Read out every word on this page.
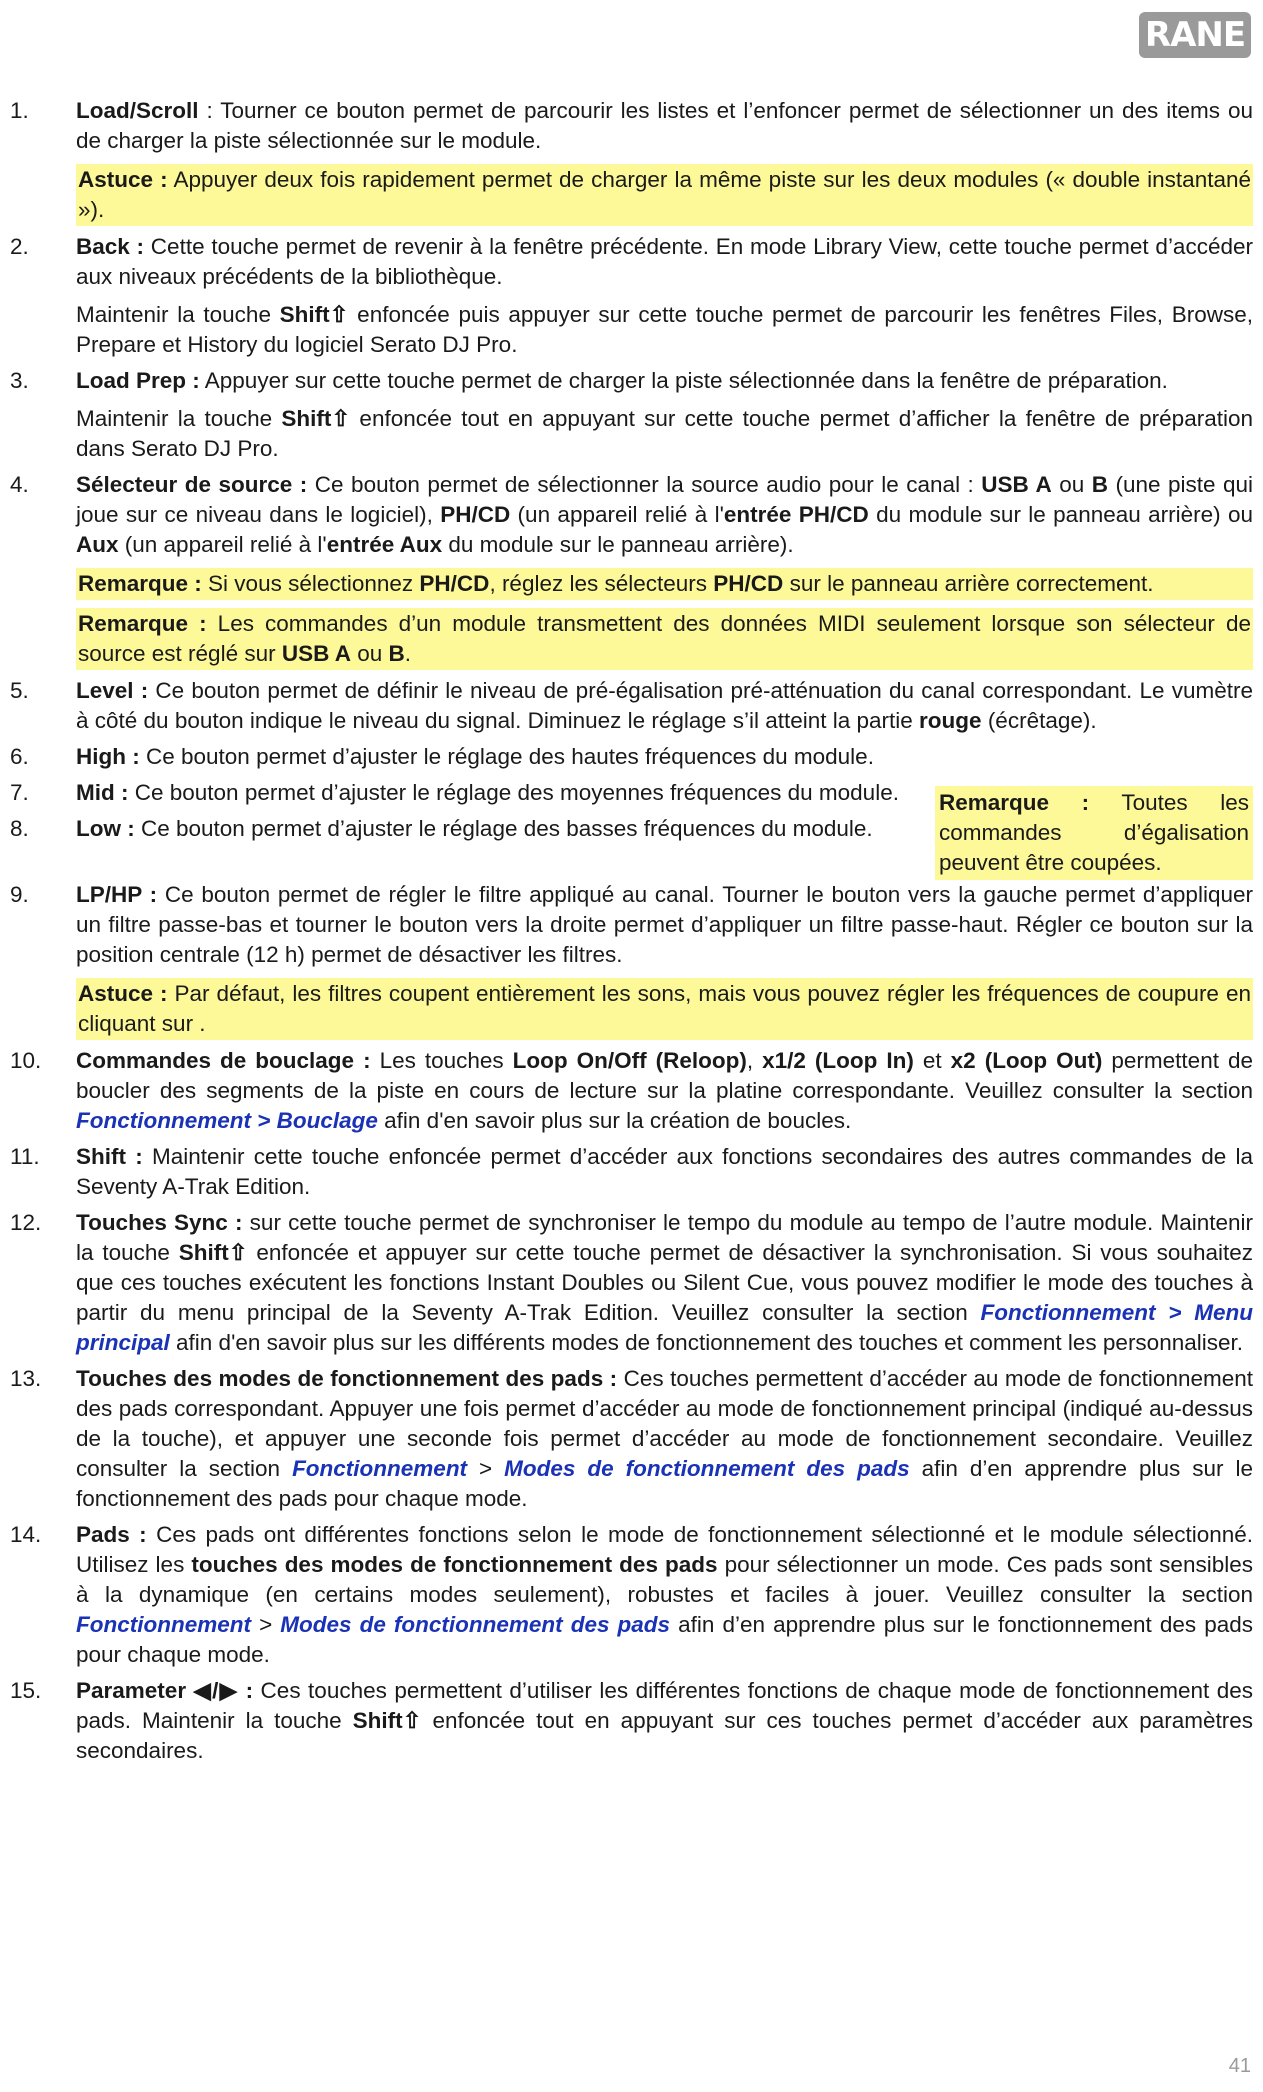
RANE
1.	Load/Scroll : Tourner ce bouton permet de parcourir les listes et l’enfoncer permet de sélectionner un des items ou de charger la piste sélectionnée sur le module.

Astuce : Appuyer deux fois rapidement permet de charger la même piste sur les deux modules (« double instantané »).
2.	Back : Cette touche permet de revenir à la fenêtre précédente. En mode Library View, cette touche permet d’accéder aux niveaux précédents de la bibliothèque.

Maintenir la touche Shift⇧ enfoncée puis appuyer sur cette touche permet de parcourir les fenêtres Files, Browse, Prepare et History du logiciel Serato DJ Pro.

3.	Load Prep : Appuyer sur cette touche permet de charger la piste sélectionnée dans la fenêtre de préparation.

Maintenir la touche Shift⇧ enfoncée tout en appuyant sur cette touche permet d’afficher la fenêtre de préparation dans Serato DJ Pro.

4.	Sélecteur de source : Ce bouton permet de sélectionner la source audio pour le canal : USB A ou B (une piste qui joue sur ce niveau dans le logiciel), PH/CD (un appareil relié à l'entrée PH/CD du module sur le panneau arrière) ou Aux (un appareil relié à l'entrée Aux du module sur le panneau arrière).

Remarque : Si vous sélectionnez PH/CD, réglez les sélecteurs PH/CD sur le panneau arrière correctement.
Remarque : Les commandes d’un module transmettent des données MIDI seulement lorsque son sélecteur de source est réglé sur USB A ou B.
5.	Level : Ce bouton permet de définir le niveau de pré-égalisation pré-atténuation du canal correspondant. Le vumètre à côté du bouton indique le niveau du signal. Diminuez le réglage s’il atteint la partie rouge (écrêtage).

6.	High : Ce bouton permet d’ajuster le réglage des hautes fréquences du module.

7.	Mid : Ce bouton permet d’ajuster le réglage des moyennes fréquences du module.

8.	Low : Ce bouton permet d’ajuster le réglage des basses fréquences du module.

Remarque : Toutes les commandes d’égalisation peuvent être coupées.
9.	LP/HP : Ce bouton permet de régler le filtre appliqué au canal. Tourner le bouton vers la gauche permet d’appliquer un filtre passe-bas et tourner le bouton vers la droite permet d’appliquer un filtre passe-haut. Régler ce bouton sur la position centrale (12 h) permet de désactiver les filtres.

Astuce : Par défaut, les filtres coupent entièrement les sons, mais vous pouvez régler les fréquences de coupure en cliquant sur .
10.	Commandes de bouclage : Les touches Loop On/Off (Reloop), x1/2 (Loop In) et x2 (Loop Out) permettent de boucler des segments de la piste en cours de lecture sur la platine correspondante. Veuillez consulter la section Fonctionnement > Bouclage afin d'en savoir plus sur la création de boucles.

11.	Shift : Maintenir cette touche enfoncée permet d’accéder aux fonctions secondaires des autres commandes de la Seventy A-Trak Edition.

12.	Touches Sync : sur cette touche permet de synchroniser le tempo du module au tempo de l’autre module. Maintenir la touche Shift⇧ enfoncée et appuyer sur cette touche permet de désactiver la synchronisation. Si vous souhaitez que ces touches exécutent les fonctions Instant Doubles ou Silent Cue, vous pouvez modifier le mode des touches à partir du menu principal de la Seventy A-Trak Edition. Veuillez consulter la section Fonctionnement > Menu principal afin d'en savoir plus sur les différents modes de fonctionnement des touches et comment les personnaliser.

13.	Touches des modes de fonctionnement des pads : Ces touches permettent d’accéder au mode de fonctionnement des pads correspondant. Appuyer une fois permet d’accéder au mode de fonctionnement principal (indiqué au-dessus de la touche), et appuyer une seconde fois permet d’accéder au mode de fonctionnement secondaire. Veuillez consulter la section Fonctionnement > Modes de fonctionnement des pads afin d’en apprendre plus sur le fonctionnement des pads pour chaque mode.

14.	Pads : Ces pads ont différentes fonctions selon le mode de fonctionnement sélectionné et le module sélectionné. Utilisez les touches des modes de fonctionnement des pads pour sélectionner un mode. Ces pads sont sensibles à la dynamique (en certains modes seulement), robustes et faciles à jouer. Veuillez consulter la section Fonctionnement > Modes de fonctionnement des pads afin d’en apprendre plus sur le fonctionnement des pads pour chaque mode.

15.	Parameter ◀/▶ : Ces touches permettent d’utiliser les différentes fonctions de chaque mode de fonctionnement des pads. Maintenir la touche Shift⇧ enfoncée tout en appuyant sur ces touches permet d’accéder aux paramètres secondaires.

41
